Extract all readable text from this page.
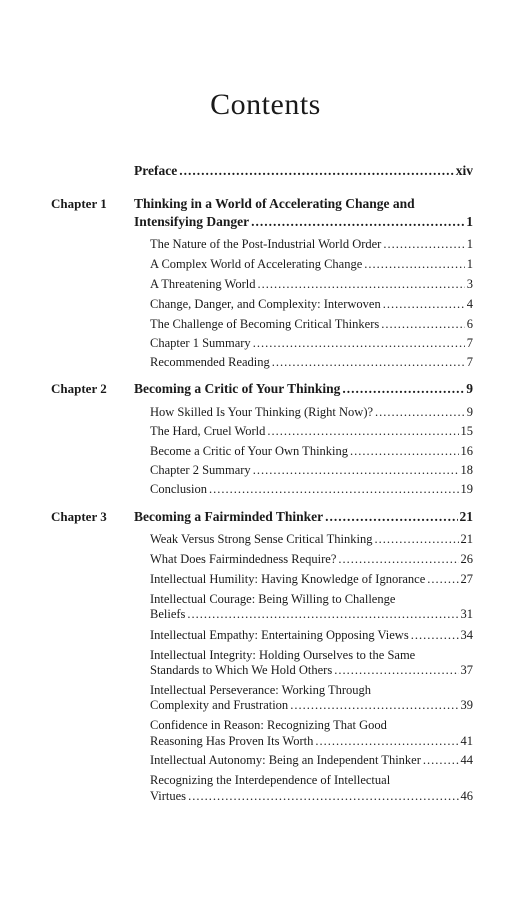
Contents
Preface .....	xiv
Chapter 1 Thinking in a World of Accelerating Change and
Intensifying Danger .....	1
The Nature of the Post-Industrial World Order .....	1
A Complex World of Accelerating Change .....	1
A Threatening World .....	3
Change, Danger, and Complexity: Interwoven .....	4
The Challenge of Becoming Critical Thinkers .....	6
Chapter 1 Summary .....	7
Recommended Reading .....	7
Chapter 2 Becoming a Critic of Your Thinking .....	9
How Skilled Is Your Thinking (Right Now)? .....	9
The Hard, Cruel World .....	15
Become a Critic of Your Own Thinking .....	16
Chapter 2 Summary .....	18
Conclusion .....	19
Chapter 3 Becoming a Fairminded Thinker .....	21
Weak Versus Strong Sense Critical Thinking .....	21
What Does Fairmindedness Require? .....	26
Intellectual Humility: Having Knowledge of Ignorance .....	27
Intellectual Courage: Being Willing to Challenge
Beliefs .....	31
Intellectual Empathy: Entertaining Opposing Views .....	34
Intellectual Integrity: Holding Ourselves to the Same
Standards to Which We Hold Others .....	37
Intellectual Perseverance: Working Through
Complexity and Frustration .....	39
Confidence in Reason: Recognizing That Good
Reasoning Has Proven Its Worth .....	41
Intellectual Autonomy: Being an Independent Thinker .....	44
Recognizing the Interdependence of Intellectual
Virtues .....	46
